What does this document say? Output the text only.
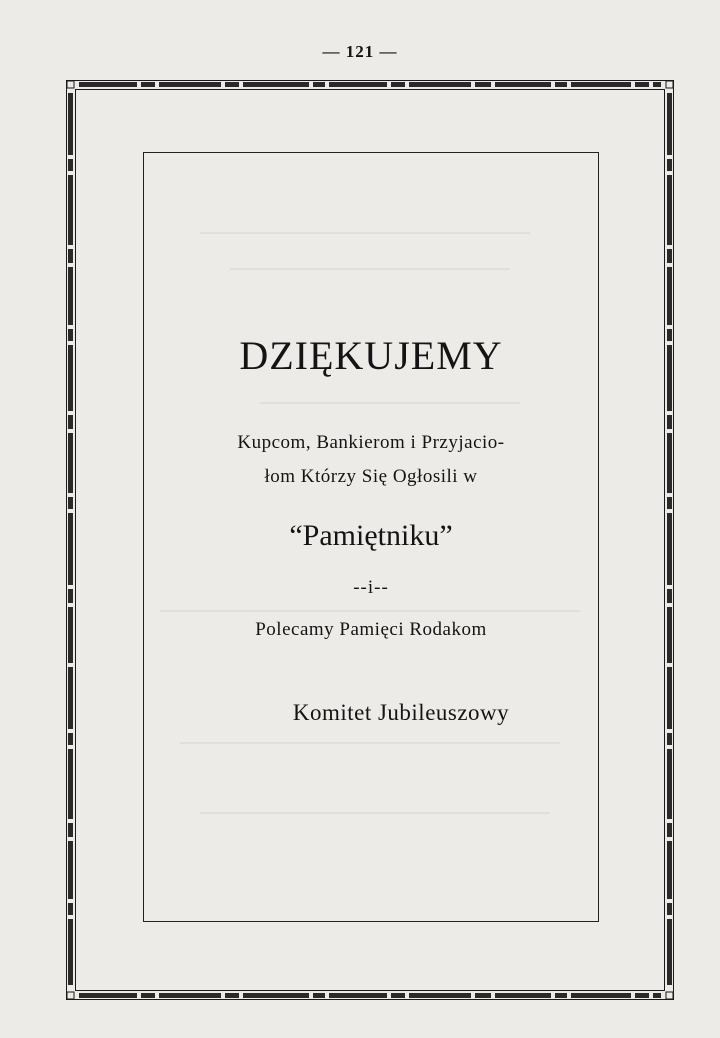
— 121 —
DZIĘKUJEMY
Kupcom, Bankierom i Przyjacio-
łom Którzy Się Ogłosili w
“Pamiętniku”
--i--
Polecamy Pamięci Rodakom
Komitet Jubileuszowy
